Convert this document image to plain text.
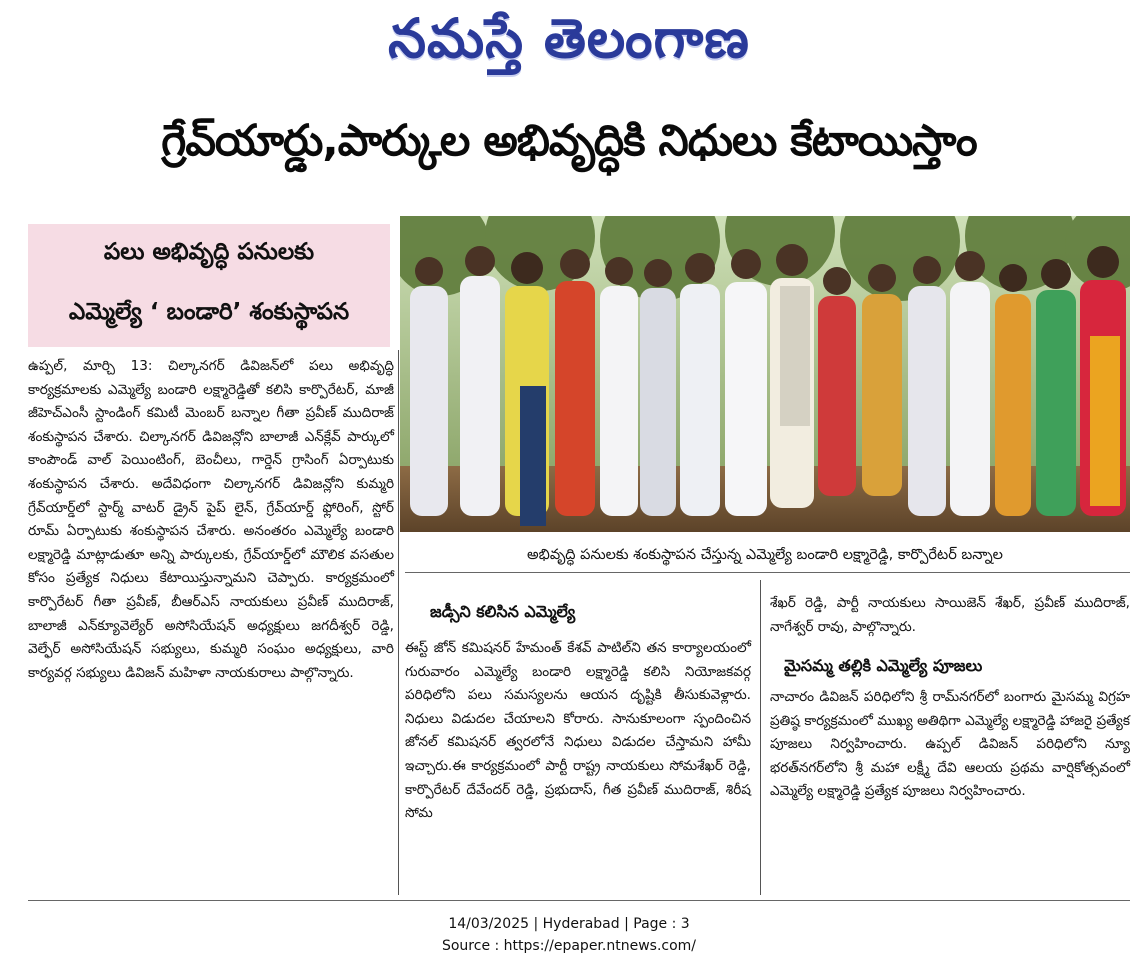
నమస్తే తెలంగాణ
గ్రేవ్‌యార్డు,పార్కుల అభివృద్ధికి నిధులు కేటాయిస్తాం
పలు అభివృద్ధి పనులకు
ఎమ్మెల్యే ‘ బండారి’ శంకుస్థాపన
అభివృద్ధి పనులకు శంకుస్థాపన చేస్తున్న ఎమ్మెల్యే బండారి లక్ష్మారెడ్డి, కార్పొరేటర్ బన్నాల
ఉప్పల్, మార్చి 13: చిల్కానగర్ డివిజన్‌లో పలు అభివృద్ధి కార్యక్రమాలకు ఎమ్మెల్యే బండారి లక్ష్మారెడ్డితో కలిసి కార్పొరేటర్, మాజీ జీహెచ్‌ఎంసీ స్టాండింగ్ కమిటీ మెంబర్ బన్నాల గీతా ప్రవీణ్ ముదిరాజ్ శంకుస్థాపన చేశారు. చిల్కానగర్ డివిజన్లోని బాలాజీ ఎన్‌క్లేవ్ పార్కులో కాంపౌండ్ వాల్ పెయింటింగ్, బెంచీలు, గార్డెన్ గ్రాసింగ్ ఏర్పాటుకు శంకుస్థాపన చేశారు. అదేవిధంగా చిల్కానగర్ డివిజన్లోని కుమ్మరి గ్రేవ్‌యార్డ్‌లో స్టార్మ్ వాటర్ డ్రైన్ పైప్ లైన్, గ్రేవ్‌యార్డ్ ఫ్లోరింగ్, స్టోర్ రూమ్ ఏర్పాటుకు శంకుస్థాపన చేశారు. అనంతరం ఎమ్మెల్యే బండారి లక్ష్మారెడ్డి మాట్లాడుతూ అన్ని పార్కులకు, గ్రేవ్‌యార్డ్‌లో మౌలిక వసతుల కోసం ప్రత్యేక నిధులు కేటాయిస్తున్నామని చెప్పారు. కార్యక్రమంలో కార్పొరేటర్ గీతా ప్రవీణ్, బీఆర్‌ఎస్ నాయకులు ప్రవీణ్ ముదిరాజ్, బాలాజీ ఎన్‌క్యూవెల్యేర్ అసోసియేషన్ అధ్యక్షులు జగదీశ్వర్ రెడ్డి, వెల్ఫేర్ అసోసియేషన్ సభ్యులు, కుమ్మరి సంఘం అధ్యక్షులు, వారి కార్యవర్గ సభ్యులు డివిజన్ మహిళా నాయకురాలు పాల్గొన్నారు.
జడ్సీని కలిసిన ఎమ్మెల్యే
ఈస్ట్ జోన్ కమిషనర్ హేమంత్ కేశవ్ పాటిల్‌ని తన కార్యాలయంలో గురువారం ఎమ్మెల్యే బండారి లక్ష్మారెడ్డి కలిసి నియోజకవర్గ పరిధిలోని పలు సమస్యలను ఆయన దృష్టికి తీసుకువెళ్లారు. నిధులు విడుదల చేయాలని కోరారు. సానుకూలంగా స్పందించిన జోనల్ కమిషనర్ త్వరలోనే నిధులు విడుదల చేస్తామని హామీ ఇచ్చారు.ఈ కార్యక్రమంలో పార్టీ రాష్ట్ర నాయకులు సోమశేఖర్ రెడ్డి, కార్పొరేటర్ దేవేందర్ రెడ్డి, ప్రభుదాస్, గీత ప్రవీణ్ ముదిరాజ్, శిరీష సోమ
శేఖర్ రెడ్డి, పార్టీ నాయకులు సాయిజెన్ శేఖర్, ప్రవీణ్ ముదిరాజ్, నాగేశ్వర్ రావు, పాల్గొన్నారు.
మైసమ్మ తల్లికి ఎమ్మెల్యే పూజలు
నాచారం డివిజన్ పరిధిలోని శ్రీ రామ్‌నగర్‌లో బంగారు మైసమ్మ విగ్రహ ప్రతిష్ఠ కార్యక్రమంలో ముఖ్య అతిథిగా ఎమ్మెల్యే లక్ష్మారెడ్డి హాజరై ప్రత్యేక పూజలు నిర్వహించారు. ఉప్పల్ డివిజన్ పరిధిలోని న్యూ భరత్‌నగర్‌లోని శ్రీ మహా లక్ష్మీ దేవి ఆలయ ప్రథమ వార్షికోత్సవంలో ఎమ్మెల్యే లక్ష్మారెడ్డి ప్రత్యేక పూజలు నిర్వహించారు.
14/03/2025 | Hyderabad | Page : 3
Source : https://epaper.ntnews.com/
